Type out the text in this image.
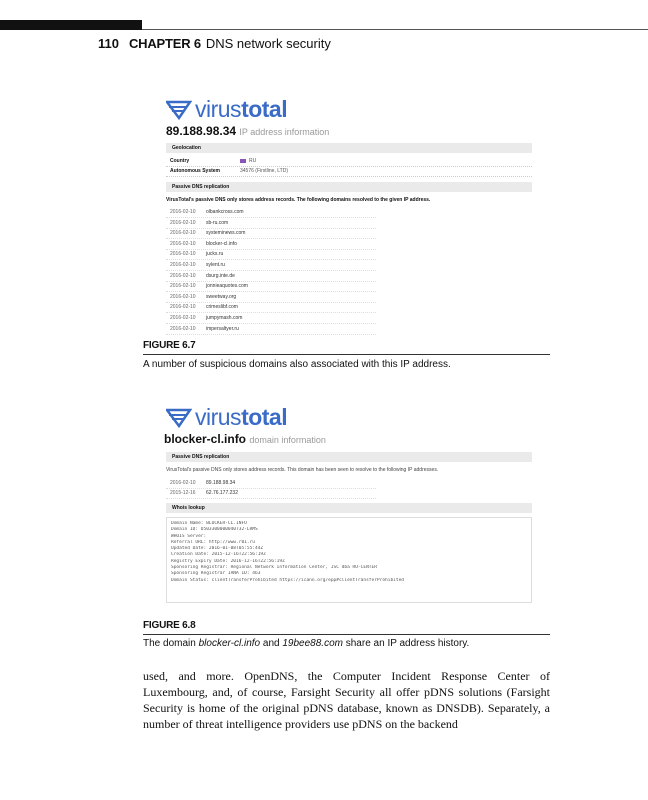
110 CHAPTER 6 DNS network security
virus total
89.188.98.34 IP address information
Geolocation
Country	RU
Autonomous System	34576 (Firstline, LTD)
Passive DNS replication
VirusTotal's passive DNS only stores address records. The following domains resolved to the given IP address.
2016-02-10 olbankcross.com
2016-02-10 sb-ru.com
2016-02-10 systeminews.com
2016-02-10 blocker-cl.info
2016-02-10 jucks.ru
2016-02-10 sylent.ru
2016-02-10 dsurg.inte.de
2016-02-10 jonnieaquotes.com
2016-02-10 sweetway.org
2016-02-10 crimeslibf.com
2016-02-10 jumpymash.com
2016-02-10 impersaltyer.ru
FIGURE 6.7
A number of suspicious domains also associated with this IP address.
virus total
blocker-cl.info domain information
Passive DNS replication
VirusTotal's passive DNS only stores address records. This domain has been seen to resolve to the following IP addresses.
2016-02-10 89.188.98.34
2015-12-16 62.76.177.232
Whois lookup
Domain Name: BLOCKER-CL.INFO
Domain ID: D503300000040732-LRMS
WHOIS Server:
Referral URL: http://www.r01.ru
Updated Date: 2016-01-08T05:55:44Z
Creation Date: 2015-12-16T22:56:19Z
Registry Expiry Date: 2016-12-16T22:56:19Z
Sponsoring Registrar: Regional Network Information Center, JSC dba RU-CENTER
Sponsoring Registrar IANA ID: 463
Domain Status: clientTransferProhibited https://icann.org/epp#clientTransferProhibited
FIGURE 6.8
The domain blocker-cl.info and 19bee88.com share an IP address history.
used, and more. OpenDNS, the Computer Incident Response Center of Luxembourg, and, of course, Farsight Security all offer pDNS solutions (Farsight Security is home of the original pDNS database, known as DNSDB). Separately, a number of threat intelligence providers use pDNS on the backend
